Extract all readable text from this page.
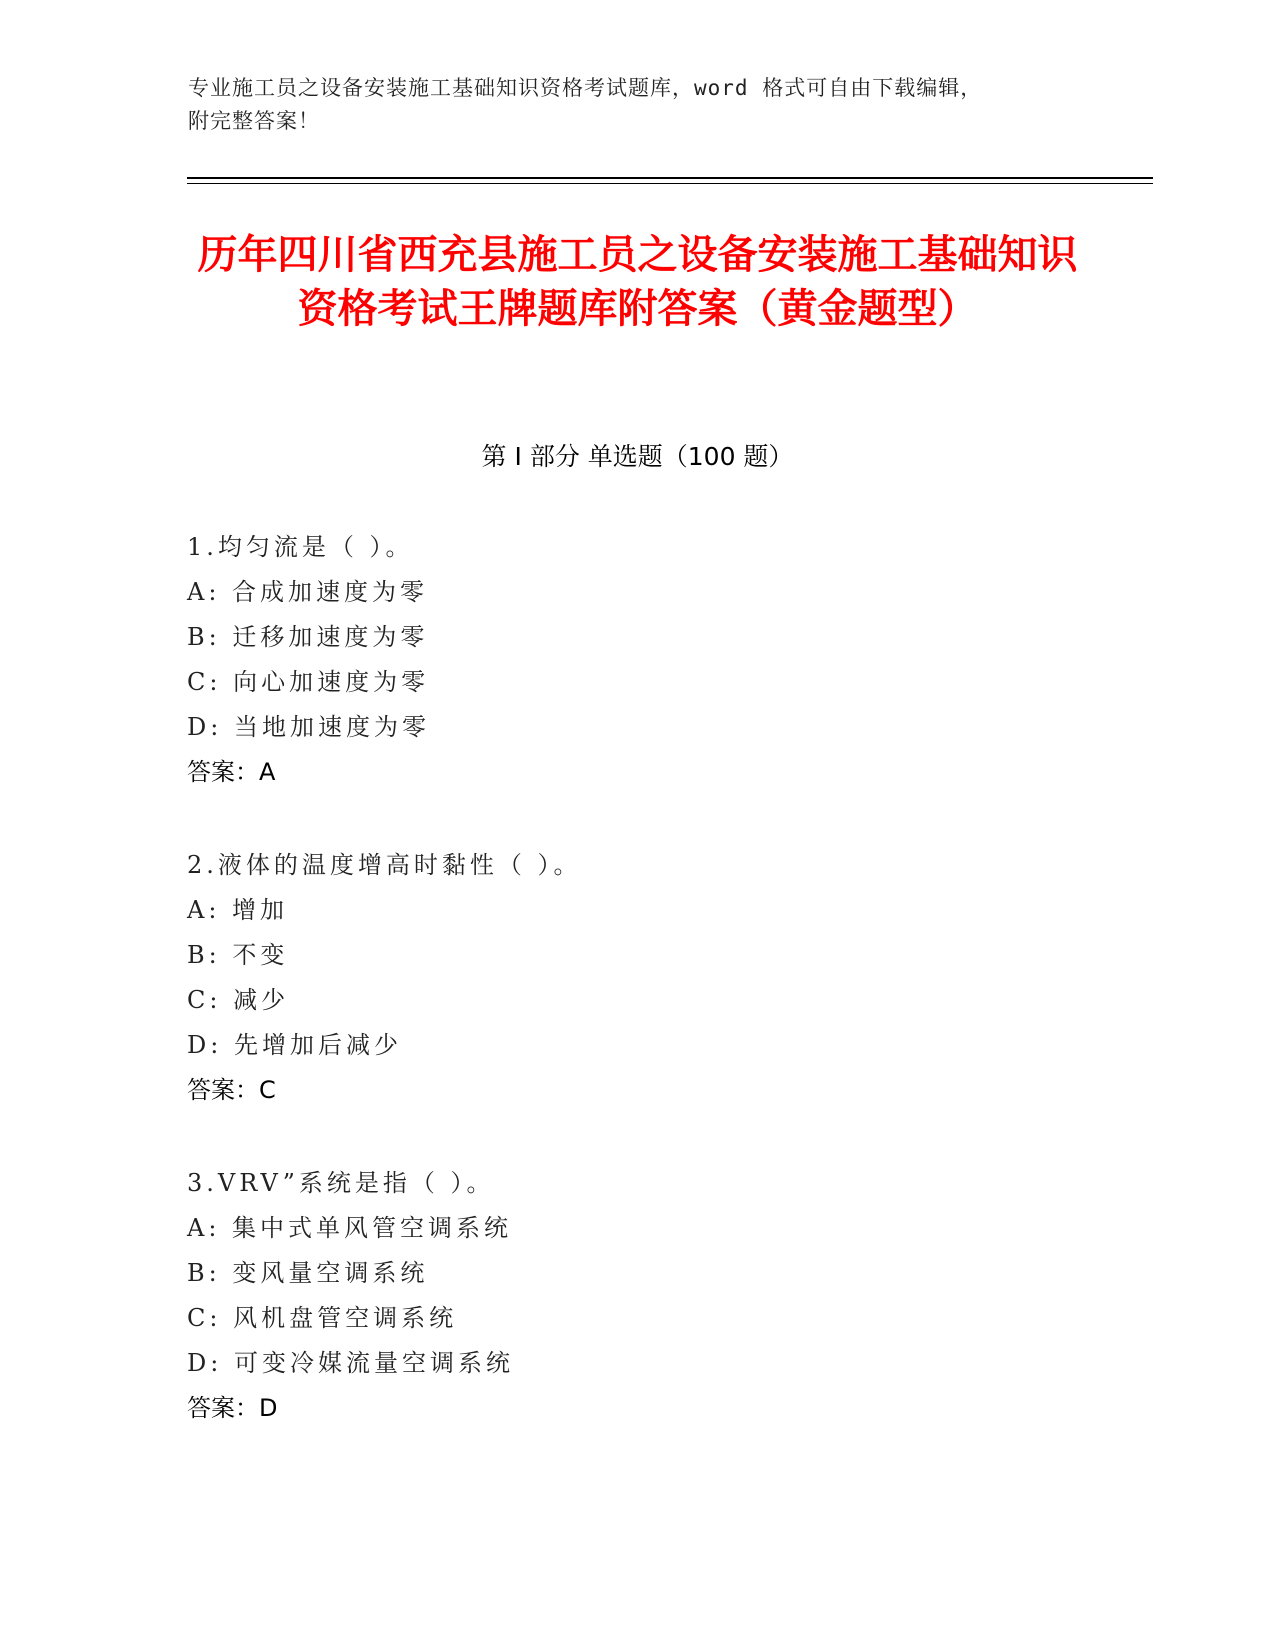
专业施工员之设备安装施工基础知识资格考试题库，word 格式可自由下载编辑，
附完整答案！
历年四川省西充县施工员之设备安装施工基础知识资格考试王牌题库附答案（黄金题型）
第 I 部分 单选题（100 题）
1.均匀流是（ ）。
A: 合成加速度为零
B: 迁移加速度为零
C: 向心加速度为零
D: 当地加速度为零
答案：A
2.液体的温度增高时黏性（ ）。
A: 增加
B: 不变
C: 减少
D: 先增加后减少
答案：C
3.VRV”系统是指（ ）。
A: 集中式单风管空调系统
B: 变风量空调系统
C: 风机盘管空调系统
D: 可变冷媒流量空调系统
答案：D
